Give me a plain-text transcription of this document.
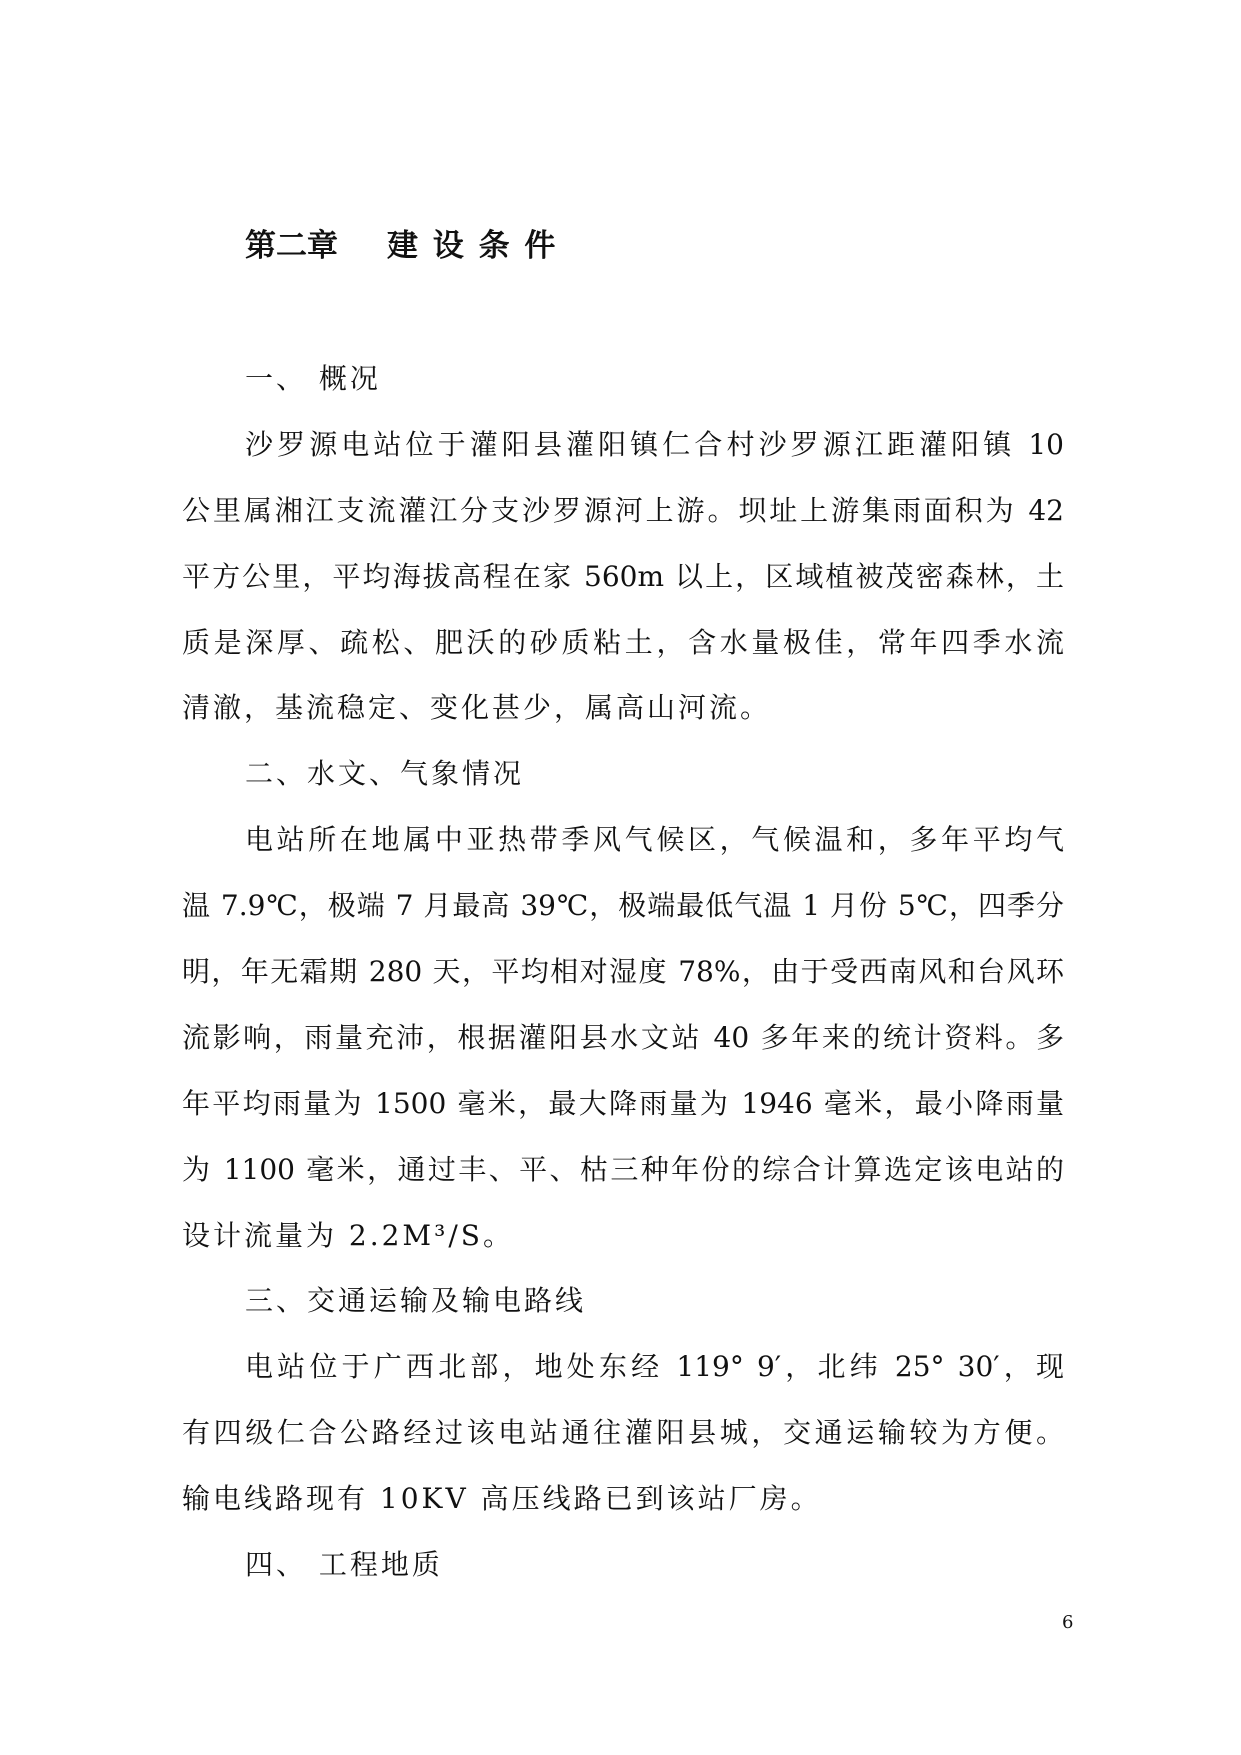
第二章 建 设 条 件
一、 概况
沙罗源电站位于灌阳县灌阳镇仁合村沙罗源江距灌阳镇 10
公里属湘江支流灌江分支沙罗源河上游。坝址上游集雨面积为 42
平方公里，平均海拔高程在家 560m 以上，区域植被茂密森林，土
质是深厚、疏松、肥沃的砂质粘土，含水量极佳，常年四季水流
清澈，基流稳定、变化甚少，属高山河流。
二、水文、气象情况
电站所在地属中亚热带季风气候区，气候温和，多年平均气
温 7.9℃，极端 7 月最高 39℃，极端最低气温 1 月份 5℃，四季分
明，年无霜期 280 天，平均相对湿度 78%，由于受西南风和台风环
流影响，雨量充沛，根据灌阳县水文站 40 多年来的统计资料。多
年平均雨量为 1500 毫米，最大降雨量为 1946 毫米，最小降雨量
为 1100 毫米，通过丰、平、枯三种年份的综合计算选定该电站的
设计流量为 2.2M³/S。
三、交通运输及输电路线
电站位于广西北部，地处东经 119° 9′，北纬 25° 30′，现
有四级仁合公路经过该电站通往灌阳县城，交通运输较为方便。
输电线路现有 10KV 高压线路已到该站厂房。
四、 工程地质
6
